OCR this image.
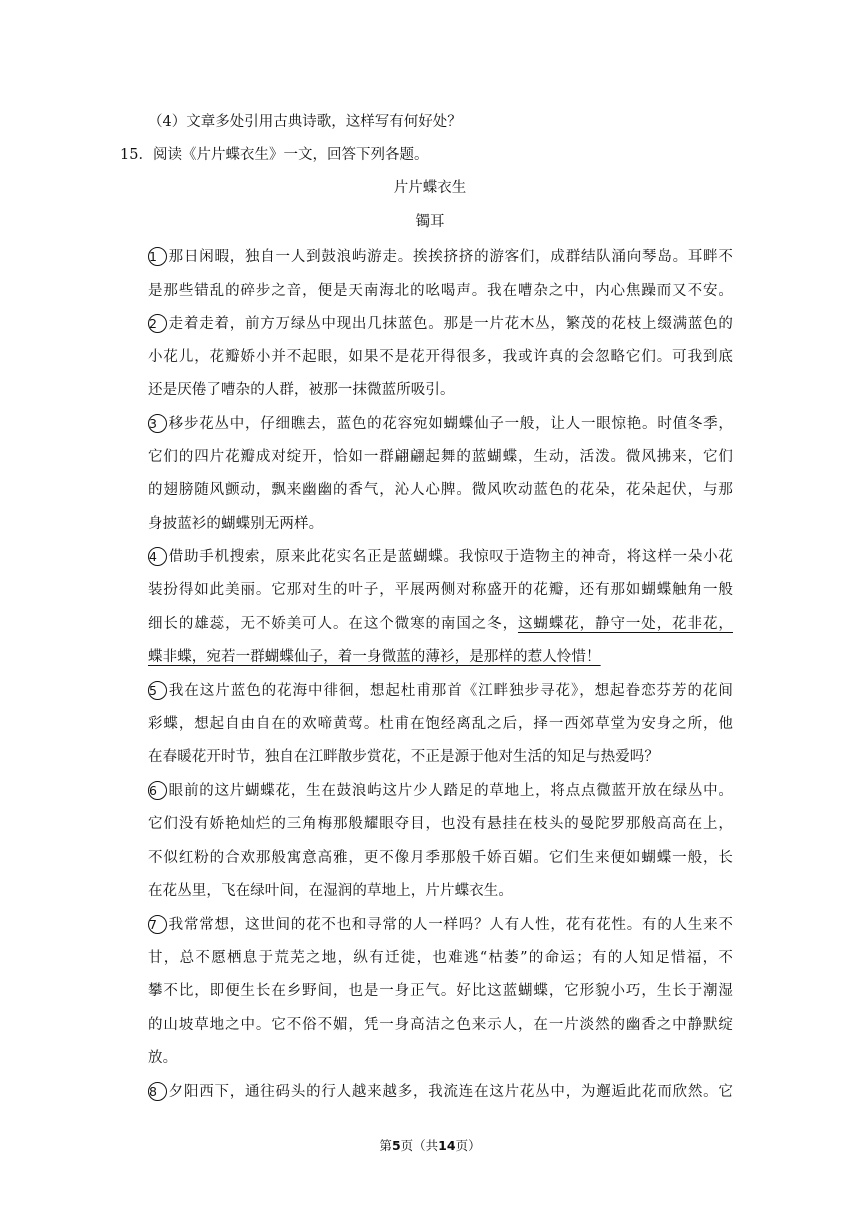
（4）文章多处引用古典诗歌，这样写有何好处？
15．阅读《片片蝶衣生》一文，回答下列各题。
片片蝶衣生
镯耳
1 那日闲暇，独自一人到鼓浪屿游走。挨挨挤挤的游客们，成群结队涌向琴岛。耳畔不
是那些错乱的碎步之音，便是天南海北的吆喝声。我在嘈杂之中，内心焦躁而又不安。
2 走着走着，前方万绿丛中现出几抹蓝色。那是一片花木丛，繁茂的花枝上缀满蓝色的
小花儿，花瓣娇小并不起眼，如果不是花开得很多，我或许真的会忽略它们。可我到底
还是厌倦了嘈杂的人群，被那一抹微蓝所吸引。
3 移步花丛中，仔细瞧去，蓝色的花容宛如蝴蝶仙子一般，让人一眼惊艳。时值冬季，
它们的四片花瓣成对绽开，恰如一群翩翩起舞的蓝蝴蝶，生动，活泼。微风拂来，它们
的翅膀随风颤动，飘来幽幽的香气，沁人心脾。微风吹动蓝色的花朵，花朵起伏，与那
身披蓝衫的蝴蝶别无两样。
4 借助手机搜索，原来此花实名正是蓝蝴蝶。我惊叹于造物主的神奇，将这样一朵小花
装扮得如此美丽。它那对生的叶子，平展两侧对称盛开的花瓣，还有那如蝴蝶触角一般
细长的雄蕊，无不娇美可人。在这个微寒的南国之冬，这蝴蝶花，静守一处，花非花，
蝶非蝶，宛若一群蝴蝶仙子，着一身微蓝的薄衫，是那样的惹人怜惜！
5 我在这片蓝色的花海中徘徊，想起杜甫那首《江畔独步寻花》，想起眷恋芬芳的花间
彩蝶，想起自由自在的欢啼黄莺。杜甫在饱经离乱之后，择一西郊草堂为安身之所，他
在春暖花开时节，独自在江畔散步赏花，不正是源于他对生活的知足与热爱吗？
6 眼前的这片蝴蝶花，生在鼓浪屿这片少人踏足的草地上，将点点微蓝开放在绿丛中。
它们没有娇艳灿烂的三角梅那般耀眼夺目，也没有悬挂在枝头的曼陀罗那般高高在上，
不似红粉的合欢那般寓意高雅，更不像月季那般千娇百媚。它们生来便如蝴蝶一般，长
在花丛里，飞在绿叶间，在湿润的草地上，片片蝶衣生。
7 我常常想，这世间的花不也和寻常的人一样吗？人有人性，花有花性。有的人生来不
甘，总不愿栖息于荒芜之地，纵有迁徙，也难逃“枯萎”的命运；有的人知足惜福，不
攀不比，即便生长在乡野间，也是一身正气。好比这蓝蝴蝶，它形貌小巧，生长于潮湿
的山坡草地之中。它不俗不媚，凭一身高洁之色来示人，在一片淡然的幽香之中静默绽
放。
8 夕阳西下，通往码头的行人越来越多，我流连在这片花丛中，为邂逅此花而欣然。它
第5页（共14页）
